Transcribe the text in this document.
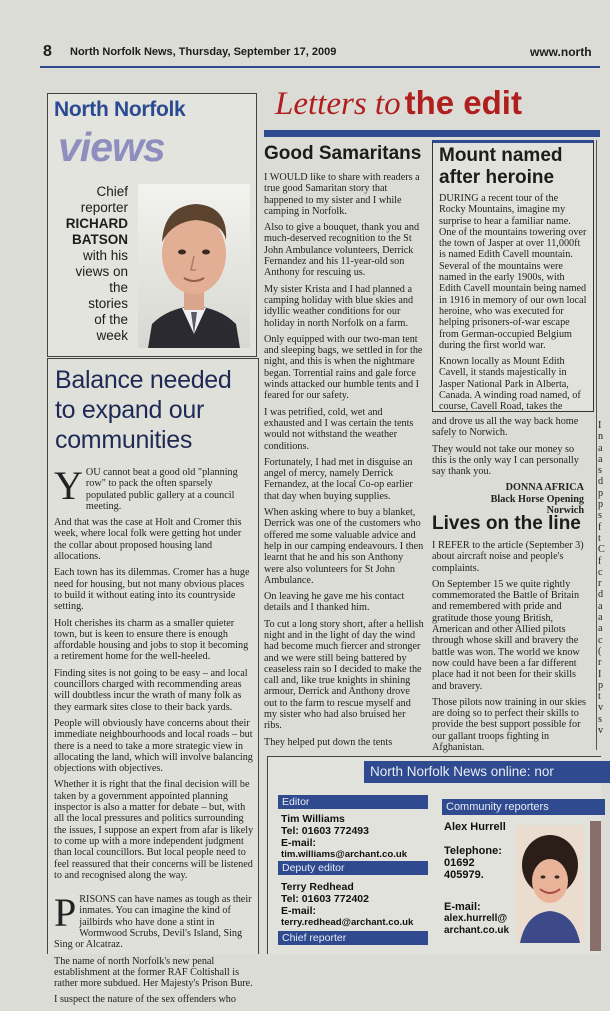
8 North Norfolk News, Thursday, September 17, 2009	www.north
North Norfolk
views
Chief
reporter
RICHARD
BATSON
with his
views on
the
stories
of the
week
Balance needed
to expand our
communities

YOU cannot beat a good old "planning row" to pack the often sparsely populated public gallery at a council meeting.

And that was the case at Holt and Cromer this week, where local folk were getting hot under the collar about proposed housing land allocations.

Each town has its dilemmas. Cromer has a huge need for housing, but not many obvious places to build it without eating into its countryside setting.

Holt cherishes its charm as a smaller quieter town, but is keen to ensure there is enough affordable housing and jobs to stop it becoming a retirement home for the well-heeled.

Finding sites is not going to be easy – and local councillors charged with recommending areas will doubtless incur the wrath of many folk as they earmark sites close to their back yards.

People will obviously have concerns about their immediate neighbourhoods and local roads – but there is a need to take a more strategic view in allocating the land, which will involve balancing objections with objectives.

Whether it is right that the final decision will be taken by a government appointed planning inspector is also a matter for debate – but, with all the local pressures and politics surrounding the issues, I suppose an expert from afar is likely to come up with a more independent judgment than local councillors. But local people need to feel reassured that their concerns will be listened to and recognised along the way.

PRISONS can have names as tough as their inmates. You can imagine the kind of jailbirds who have done a stint in Wormwood Scrubs, Devil's Island, Sing Sing or Alcatraz.

The name of north Norfolk's new penal establishment at the former RAF Coltishall is rather more subdued. Her Majesty's Prison Bure.

I suspect the nature of the sex offenders who

Letters to the edit
Good Samaritans

I WOULD like to share with readers a true good Samaritan story that happened to my sister and I while camping in Norfolk.

Also to give a bouquet, thank you and much-deserved recognition to the St John Ambulance volunteers, Derrick Fernandez and his 11-year-old son Anthony for rescuing us.

My sister Krista and I had planned a camping holiday with blue skies and idyllic weather conditions for our holiday in north Norfolk on a farm.

Only equipped with our two-man tent and sleeping bags, we settled in for the night, and this is when the nightmare began. Torrential rains and gale force winds attacked our humble tents and I feared for our safety.

I was petrified, cold, wet and exhausted and I was certain the tents would not withstand the weather conditions.

Fortunately, I had met in disguise an angel of mercy, namely Derrick Fernandez, at the local Co-op earlier that day when buying supplies.

When asking where to buy a blanket, Derrick was one of the customers who offered me some valuable advice and help in our camping endeavours. I then learnt that he and his son Anthony were also volunteers for St John Ambulance.

On leaving he gave me his contact details and I thanked him.

To cut a long story short, after a hellish night and in the light of day the wind had become much fiercer and stronger and we were still being battered by ceaseless rain so I decided to make the call and, like true knights in shining armour, Derrick and Anthony drove out to the farm to rescue myself and my sister who had also bruised her ribs.

They helped put down the tents

Mount named
after heroine

DURING a recent tour of the Rocky Mountains, imagine my surprise to hear a familiar name. One of the mountains towering over the town of Jasper at over 11,000ft is named Edith Cavell mountain. Several of the mountains were named in the early 1900s, with Edith Cavell mountain being named in 1916 in memory of our own local heroine, who was executed for helping prisoners-of-war escape from German-occupied Belgium during the first world war.

Known locally as Mount Edith Cavell, it stands majestically in Jasper National Park in Alberta, Canada. A winding road named, of course, Cavell Road, takes the

and drove us all the way back home safely to Norwich.

They would not take our money so this is the only way I can personally say thank you.

DONNA AFRICA
Black Horse Opening
Norwich
Lives on the line

I REFER to the article (September 3) about aircraft noise and people's complaints.

On September 15 we quite rightly commemorated the Battle of Britain and remembered with pride and gratitude those young British, American and other Allied pilots through whose skill and bravery the battle was won. The world we know now could have been a far different place had it not been for their skills and bravery.

Those pilots now training in our skies are doing so to perfect their skills to provide the best support possible for our gallant troops fighting in Afghanistan.

I
n
a
a
s
d
p
p
s
f
t
C
f
c
r
d
a
a
a
c
(
r
I
p
t
v
s
v
North Norfolk News online: nor
Editor
Tim Williams
Tel: 01603 772493
E-mail:
tim.williams@archant.co.uk
Deputy editor
Terry Redhead
Tel: 01603 772402
E-mail:
terry.redhead@archant.co.uk
Chief reporter
Community reporters
Alex Hurrell
Telephone:
01692
405979.
E-mail:
alex.hurrell@
archant.co.uk
